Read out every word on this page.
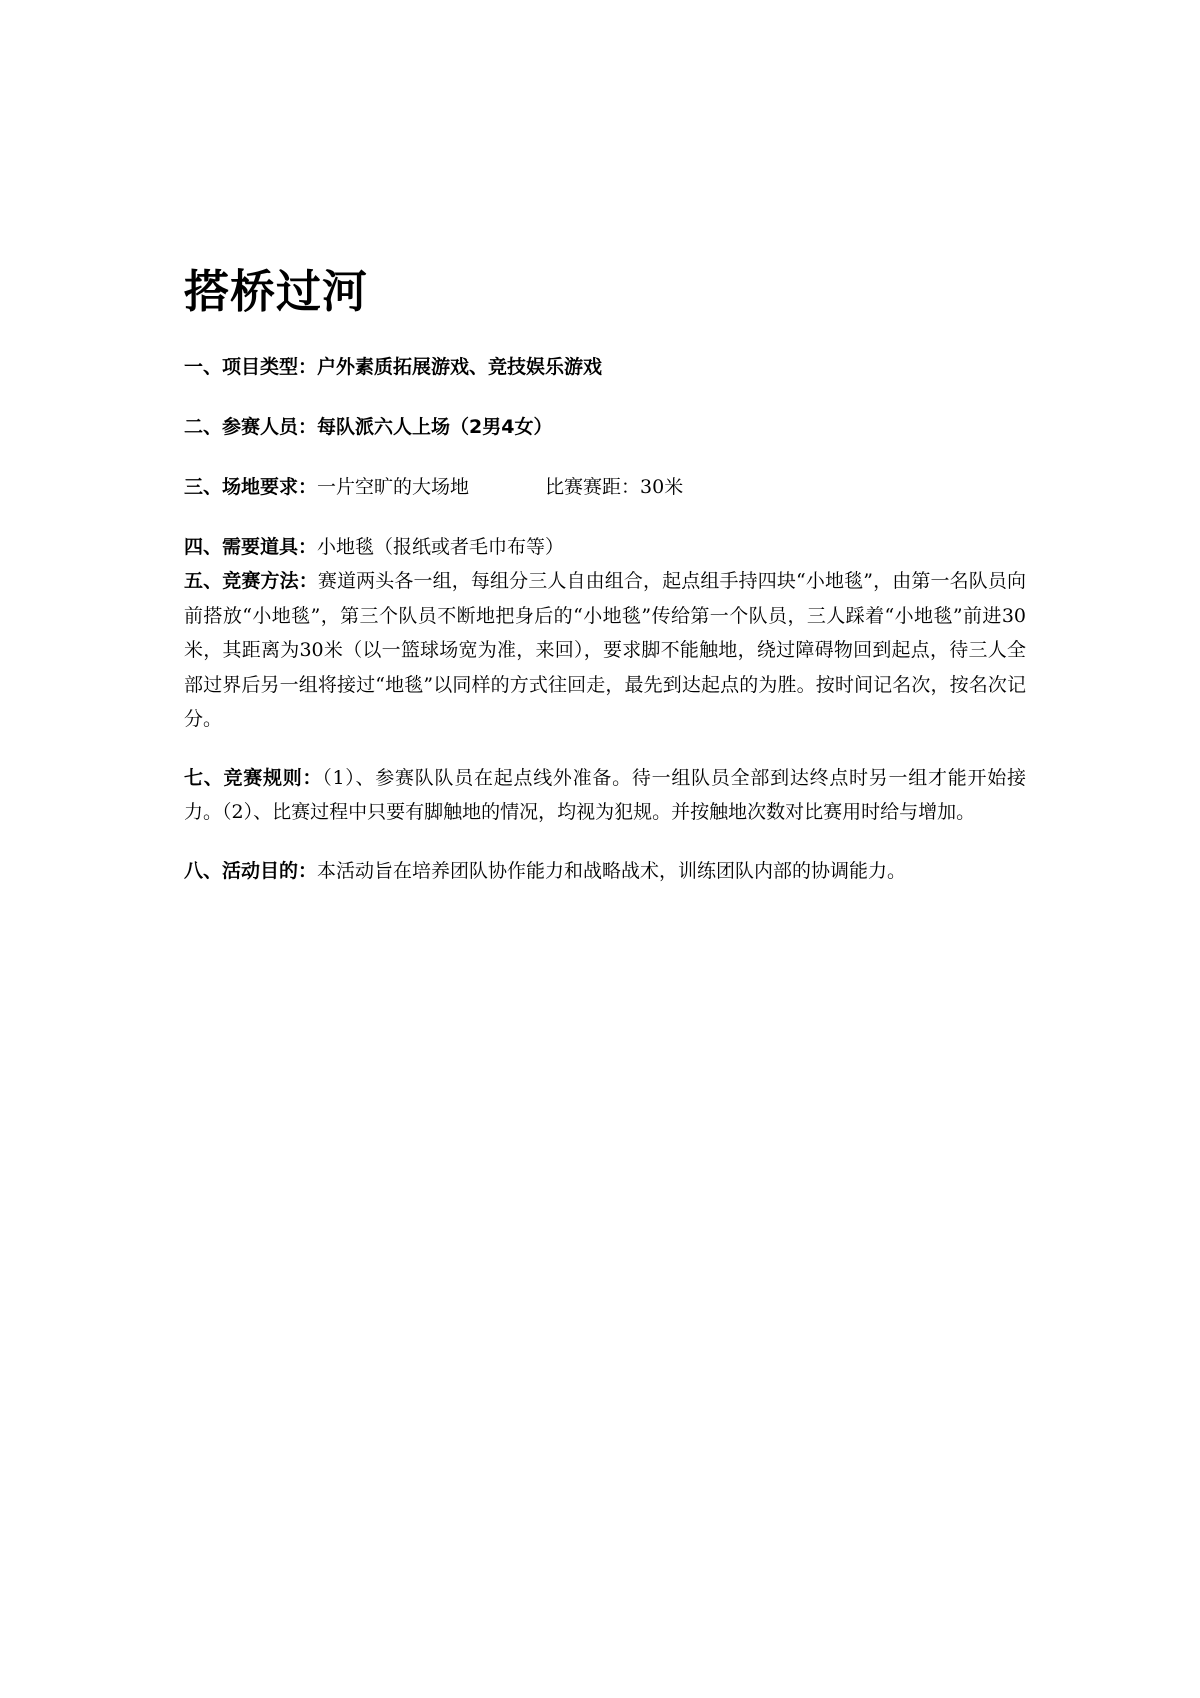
搭桥过河

一、项目类型：户外素质拓展游戏、竞技娱乐游戏

二、参赛人员：每队派六人上场（2男4女）

三、场地要求：一片空旷的大场地	比赛赛距：30米

四、需要道具：小地毯（报纸或者毛巾布等）

五、竞赛方法：赛道两头各一组，每组分三人自由组合，起点组手持四块“小地毯”，由第一名队员向前搭放“小地毯”，第三个队员不断地把身后的“小地毯”传给第一个队员，三人踩着“小地毯”前进30米，其距离为30米（以一篮球场宽为准，来回），要求脚不能触地，绕过障碍物回到起点，待三人全部过界后另一组将接过“地毯”以同样的方式往回走，最先到达起点的为胜。按时间记名次，按名次记分。

七、竞赛规则：（1）、参赛队队员在起点线外准备。待一组队员全部到达终点时另一组才能开始接力。（2）、比赛过程中只要有脚触地的情况，均视为犯规。并按触地次数对比赛用时给与增加。

八、活动目的：本活动旨在培养团队协作能力和战略战术，训练团队内部的协调能力。
